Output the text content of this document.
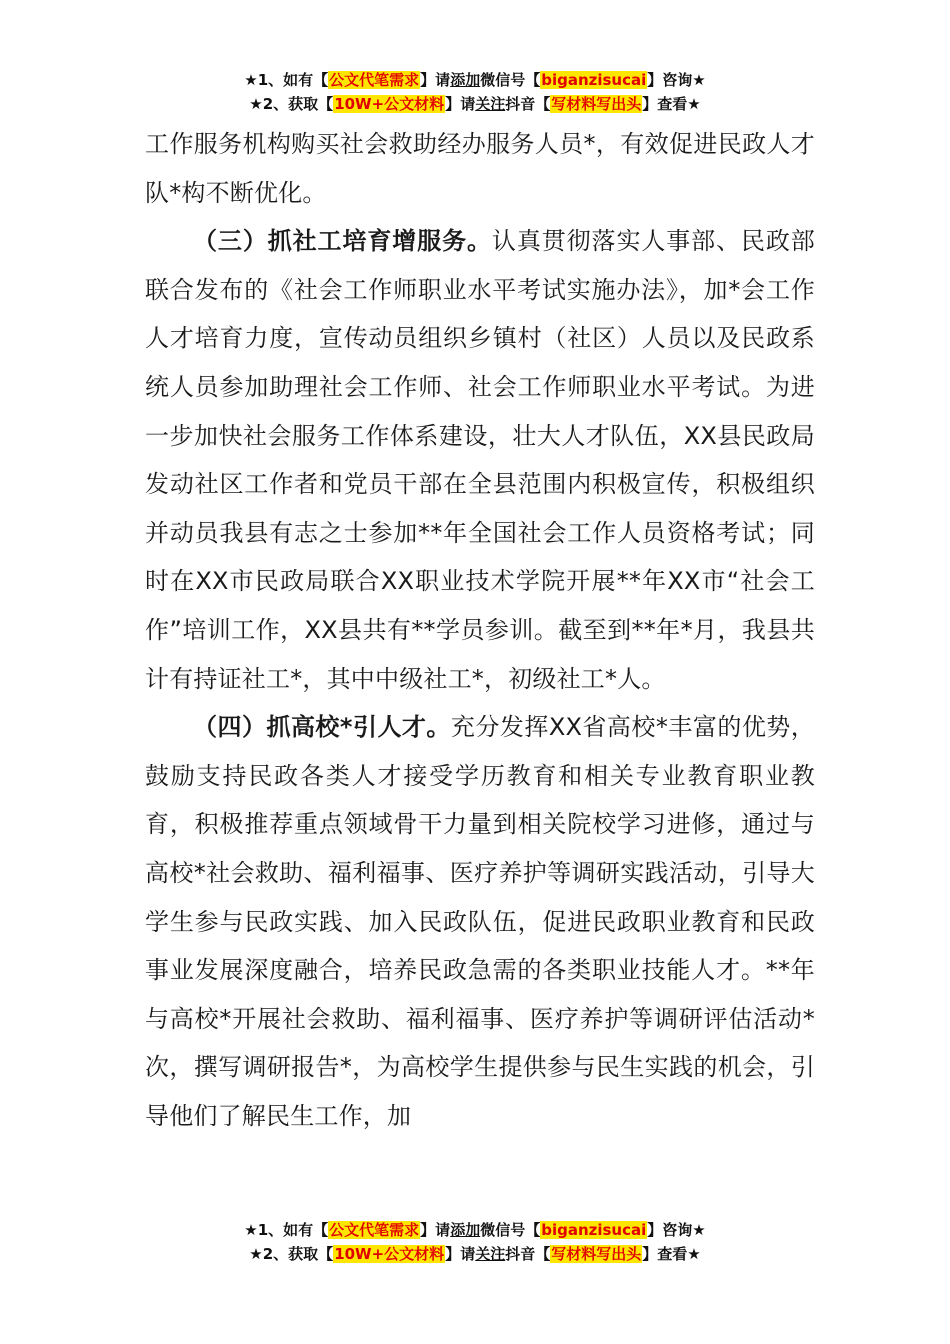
★1、如有【公文代笔需求】请添加微信号【biganzisucai】咨询★
★2、获取【10W+公文材料】请关注抖音【写材料写出头】查看★

工作服务机构购买社会救助经办服务人员*，有效促进民政人才队*构不断优化。

（三）抓社工培育增服务。认真贯彻落实人事部、民政部联合发布的《社会工作师职业水平考试实施办法》，加*会工作人才培育力度，宣传动员组织乡镇村（社区）人员以及民政系统人员参加助理社会工作师、社会工作师职业水平考试。为进一步加快社会服务工作体系建设，壮大人才队伍，XX县民政局发动社区工作者和党员干部在全县范围内积极宣传，积极组织并动员我县有志之士参加**年全国社会工作人员资格考试；同时在XX市民政局联合XX职业技术学院开展**年XX市“社会工作”培训工作，XX县共有**学员参训。截至到**年*月，我县共计有持证社工*，其中中级社工*，初级社工*人。

（四）抓高校*引人才。充分发挥XX省高校*丰富的优势，鼓励支持民政各类人才接受学历教育和相关专业教育职业教育，积极推荐重点领域骨干力量到相关院校学习进修，通过与高校*社会救助、福利福事、医疗养护等调研实践活动，引导大学生参与民政实践、加入民政队伍，促进民政职业教育和民政事业发展深度融合，培养民政急需的各类职业技能人才。**年与高校*开展社会救助、福利福事、医疗养护等调研评估活动*次，撰写调研报告*，为高校学生提供参与民生实践的机会，引导他们了解民生工作，加

★1、如有【公文代笔需求】请添加微信号【biganzisucai】咨询★
★2、获取【10W+公文材料】请关注抖音【写材料写出头】查看★
